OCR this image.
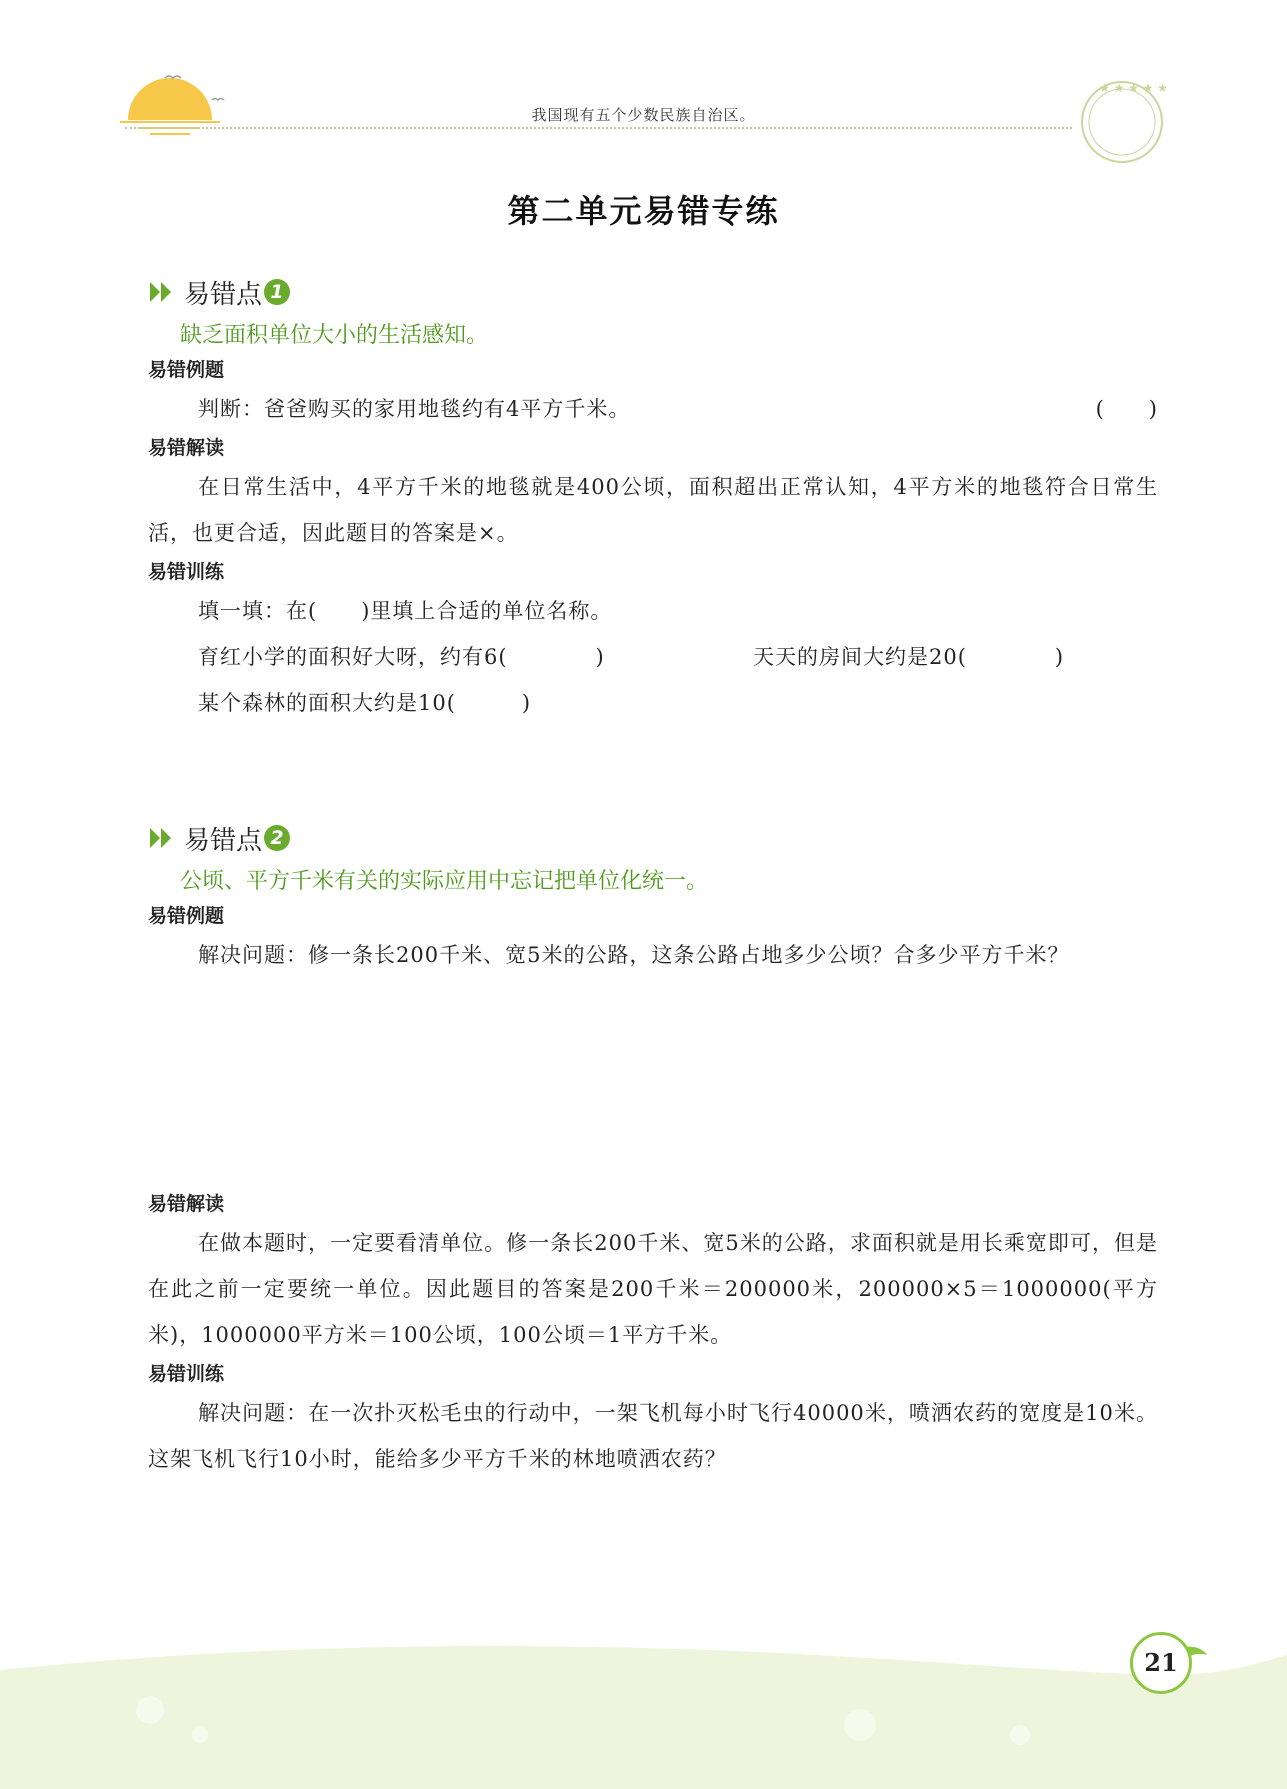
我国现有五个少数民族自治区。
★ ★ ★ ★ ★
第二单元易错专练
易错点 1
缺乏面积单位大小的生活感知。
易错例题
判断：爸爸购买的家用地毯约有4平方千米。	(　　)
易错解读
在日常生活中，4平方千米的地毯就是400公顷，面积超出正常认知，4平方米的地毯符合日常生活，也更合适，因此题目的答案是×。
易错训练
填一填：在(　　)里填上合适的单位名称。
育红小学的面积好大呀，约有6(　　　　)	天天的房间大约是20(　　　　)
某个森林的面积大约是10(　　　)
易错点 2
公顷、平方千米有关的实际应用中忘记把单位化统一。
易错例题
解决问题：修一条长200千米、宽5米的公路，这条公路占地多少公顷？合多少平方千米？
易错解读
在做本题时，一定要看清单位。修一条长200千米、宽5米的公路，求面积就是用长乘宽即可，但是在此之前一定要统一单位。因此题目的答案是200千米＝200000米，200000×5＝1000000(平方米)，1000000平方米＝100公顷，100公顷＝1平方千米。
易错训练
解决问题：在一次扑灭松毛虫的行动中，一架飞机每小时飞行40000米，喷洒农药的宽度是10米。这架飞机飞行10小时，能给多少平方千米的林地喷洒农药？
21
